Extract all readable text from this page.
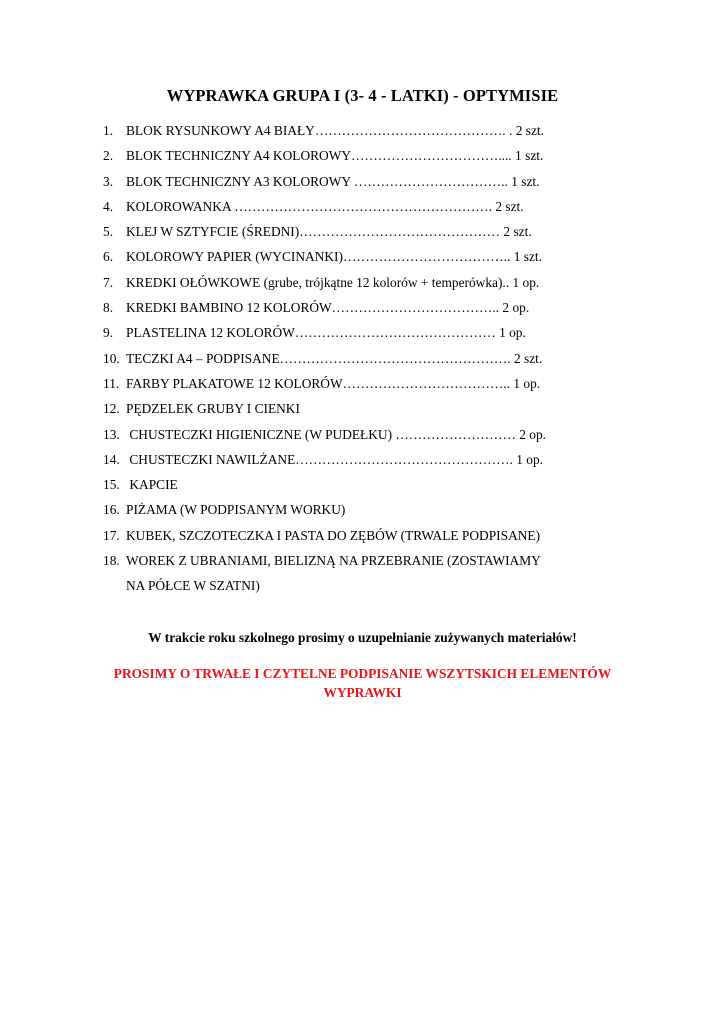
WYPRAWKA GRUPA I (3- 4 - LATKI) - OPTYMISIE
1. BLOK RYSUNKOWY A4 BIAŁY……………………………………. . 2 szt.
2. BLOK TECHNICZNY A4 KOLOROWY…………………………….... 1 szt.
3. BLOK TECHNICZNY A3 KOLOROWY …………………………….. 1 szt.
4. KOLOROWANKA …………………………………………………. 2 szt.
5. KLEJ W SZTYFCIE (ŚREDNI)……………………………………… 2 szt.
6. KOLOROWY PAPIER (WYCINANKI)……………………………….. 1 szt.
7. KREDKI OŁÓWKOWE (grube, trójkątne 12 kolorów + temperówka).. 1 op.
8. KREDKI BAMBINO 12 KOLORÓW……………………………….. 2 op.
9. PLASTELINA 12 KOLORÓW……………………………………… 1 op.
10. TECZKI A4 – PODPISANE……………………………………………. 2 szt.
11. FARBY PLAKATOWE 12 KOLORÓW……………………………….. 1 op.
12. PĘDZELEK GRUBY I CIENKI
13. CHUSTECZKI HIGIENICZNE (W PUDEŁKU) ……………………… 2 op.
14. CHUSTECZKI NAWILŻANE…………………………………………. 1 op.
15. KAPCIE
16. PIŻAMA (W PODPISANYM WORKU)
17. KUBEK, SZCZOTECZKA I PASTA DO ZĘBÓW (TRWALE PODPISANE)
18. WOREK Z UBRANIAMI, BIELIZNĄ NA PRZEBRANIE (ZOSTAWIAMY
NA PÓŁCE W SZATNI)
W trakcie roku szkolnego prosimy o uzupełnianie zużywanych materiałów!
PROSIMY O TRWAŁE I CZYTELNE PODPISANIE WSZYTSKICH ELEMENTÓW WYPRAWKI
